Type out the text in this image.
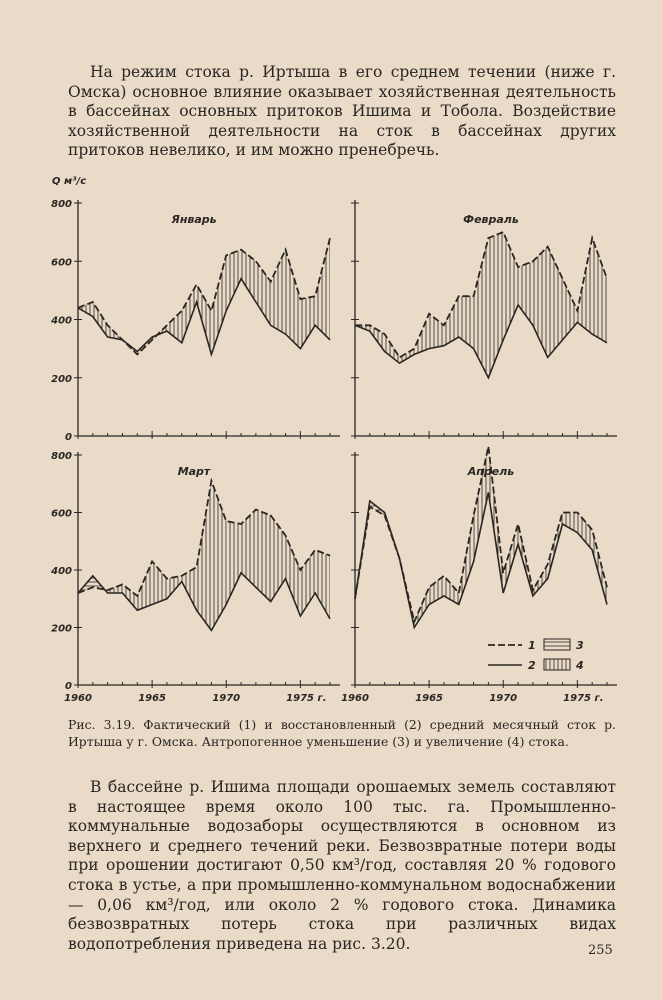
На режим стока р. Иртыша в его среднем течении (ниже г. Омска) основное влияние оказывает хозяйственная деятельность в бассейнах основных притоков Ишима и Тобола. Воздействие хозяйственной деятельности на сток в бассейнах других притоков невелико, и им можно пренебречь.

0
200
400
600
800
Январь	Февраль
0
200
400
600
800
1960	1965	1970	1975 г.
Март
1960	1965	1970	1975 г.
Апрель
Q м³/с
1
2
3
4

Рис. 3.19. Фактический (1) и восстановленный (2) средний месячный сток р. Иртыша у г. Омска. Антропогенное уменьшение (3) и увеличение (4) стока.

В бассейне р. Ишима площади орошаемых земель составляют в настоящее время около 100 тыс. га. Промышленно-коммунальные водозаборы осуществляются в основном из верхнего и среднего течений реки. Безвозвратные потери воды при орошении достигают 0,50 км³/год, составляя 20 % годового стока в устье, а при промышленно-коммунальном водоснабжении — 0,06 км³/год, или около 2 % годового стока. Динамика безвозвратных потерь стока при различных видах водопотребления приведена на рис. 3.20.	255
